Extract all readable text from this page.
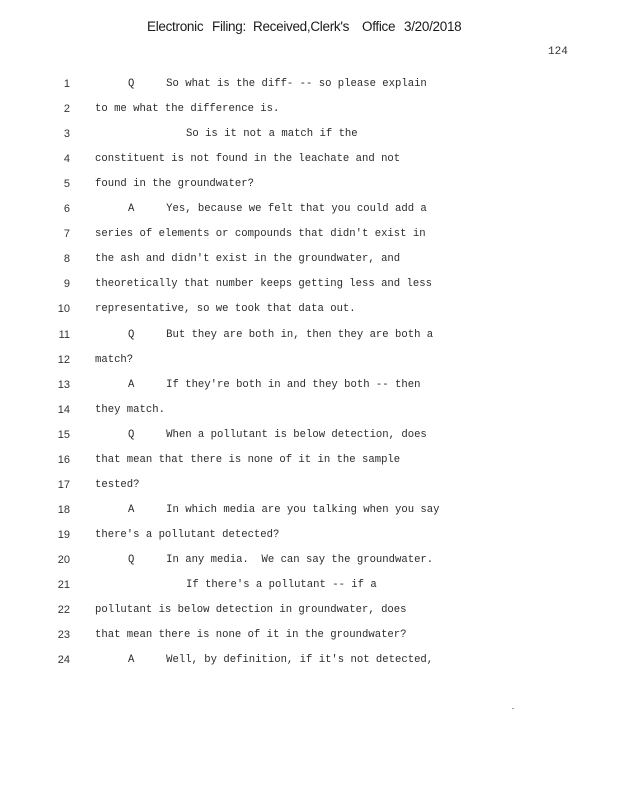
Electronic Filing: Received,Clerk's Office 3/20/2018
124
1	Q     So what is the diff- -- so please explain
2 to me what the difference is.
3	So is it not a match if the
4 constituent is not found in the leachate and not
5 found in the groundwater?
6	A     Yes, because we felt that you could add a
7 series of elements or compounds that didn't exist in
8 the ash and didn't exist in the groundwater, and
9 theoretically that number keeps getting less and less
10 representative, so we took that data out.
11	Q     But they are both in, then they are both a
12 match?
13	A     If they're both in and they both -- then
14 they match.
15	Q     When a pollutant is below detection, does
16 that mean that there is none of it in the sample
17 tested?
18	A     In which media are you talking when you say
19 there's a pollutant detected?
20	Q     In any media.  We can say the groundwater.
21	If there's a pollutant -- if a
22 pollutant is below detection in groundwater, does
23 that mean there is none of it in the groundwater?
24	A     Well, by definition, if it's not detected,
